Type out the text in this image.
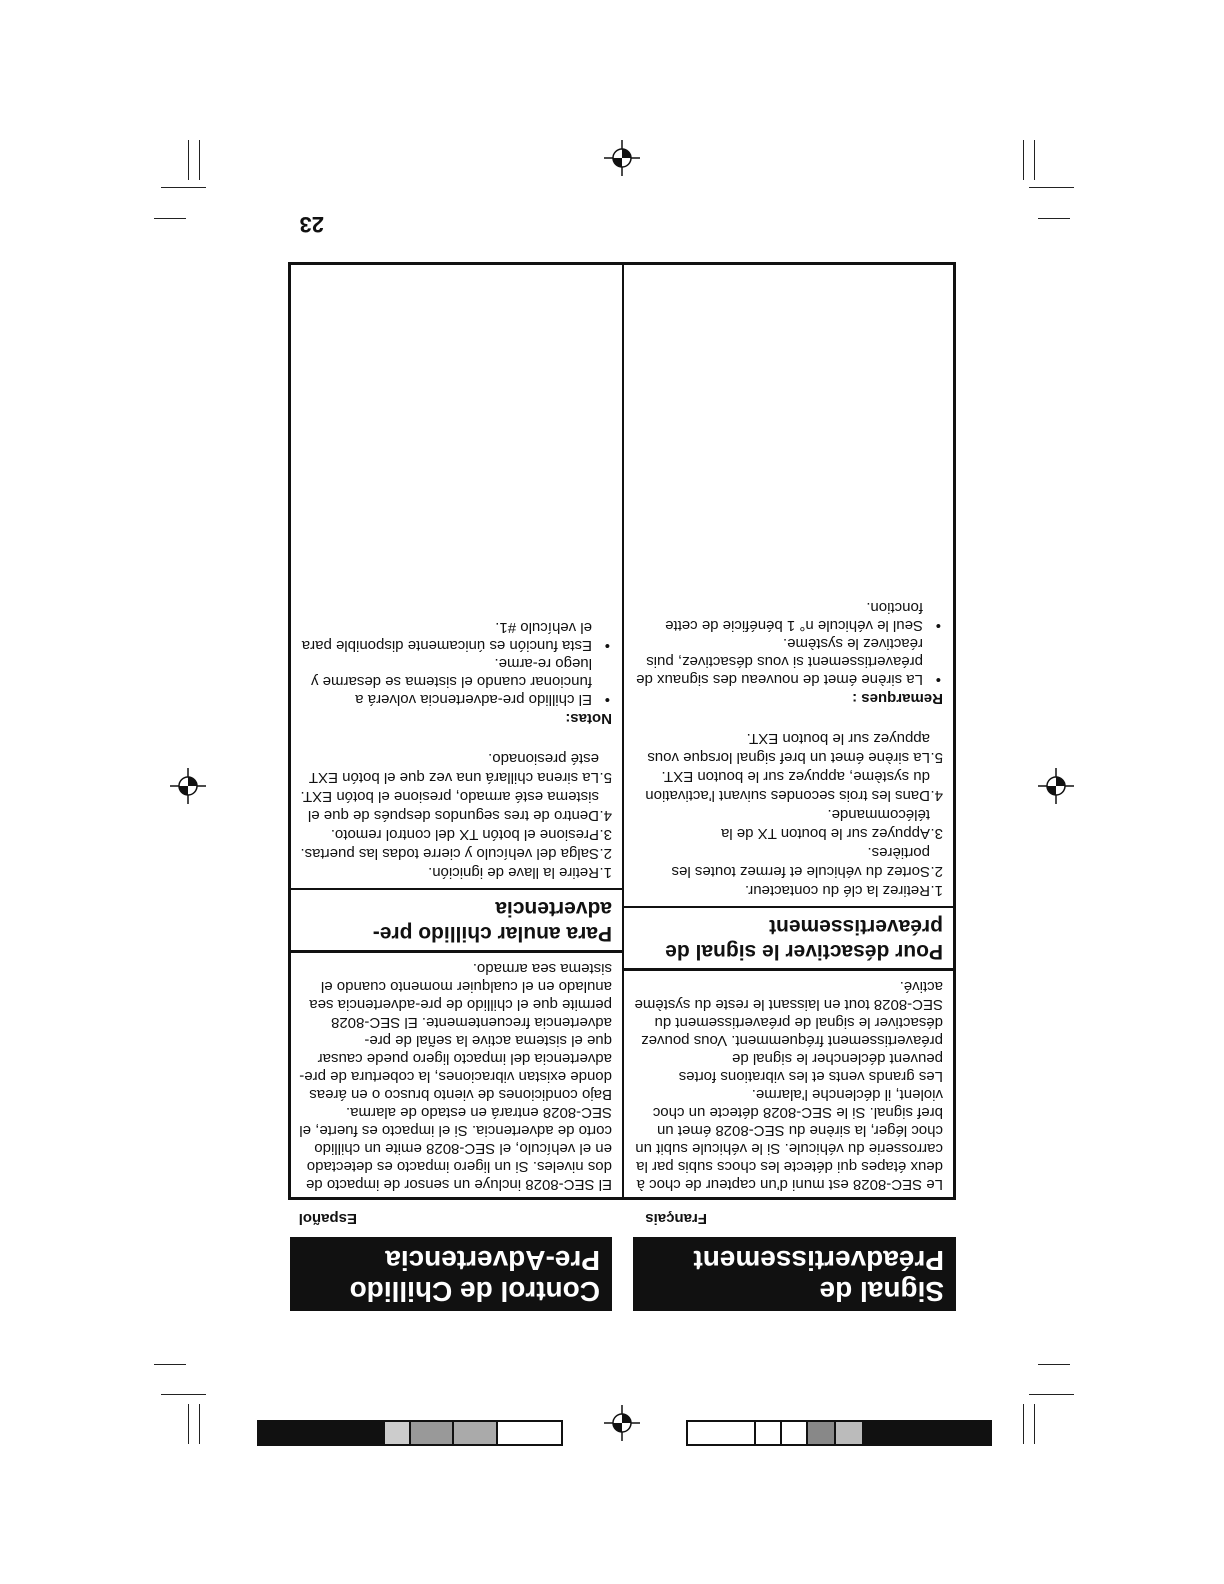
Signal de Préadvertissement
Control de Chillido Pre-Advertencia
Français
Español

Le SEC-8028 est muni d'un capteur de choc à deux étapes qui détecte les chocs subis par la carrosserie du véhicule. Si le véhicule subit un choc léger, la sirène du SEC-8028 émet un bref signal. Si le SEC-8028 détecte un choc violent, il déclenche l'alarme.

Les grands vents et les vibrations fortes peuvent déclencher le signal de préavertissement fréquemment. Vous pouvez désactiver le signal de préavertissement du SEC-8028 tout en laissant le reste du système activé.

Pour désactiver le signal de préavertissement
1.
Retirez la clé du contacteur.
2.
Sortez du véhicule et fermez toutes les portières.
3.
Appuyez sur le bouton TX de la télécommande.
4.
Dans les trois secondes suivant l'activation du système, appuyez sur le bouton EXT.
5.
La sirène émet un bref signal lorsque vous appuyez sur le bouton EXT.
Remarques :
•
La sirène émet de nouveau des signaux de préavertissement si vous désactivez, puis réactivez le système.
•
Seul le véhicule n° 1 bénéficie de cette fonction.

El SEC-8028 incluye un sensor de impacto de dos niveles. Si un ligero impacto es detectado en el vehículo, el SEC-8028 emite un chillido corto de advertencia. Si el impacto es fuerte, el SEC-8028 entrará en estado de alarma.

Bajo condiciones de viento brusco o en áreas donde existan vibraciones, la cobertura de pre-advertencia del impacto ligero puede causar que el sistema active la señal de pre-advertencia frecuentemente. El SEC-8028 permite que el chillido de pre-advertencia sea anulado en el cualquier momento cuando el sistema sea armado.

Para anular chillido pre-advertencia
1.
Retire la llave de ignición.
2.
Salga del vehículo y cierre todas las puertas.
3.
Presione el botón TX del control remoto.
4.
Dentro de tres segundos después de que el sistema esté armado, presione el botón EXT.
5.
La sirena chillará una vez que el botón EXT esté presionado.
Notas:
•
El chillido pre-advertencia volverá a funcionar cuando el sistema se desarme y luego re-arme.
•
Esta función es únicamente disponible para el vehículo #1.
23
